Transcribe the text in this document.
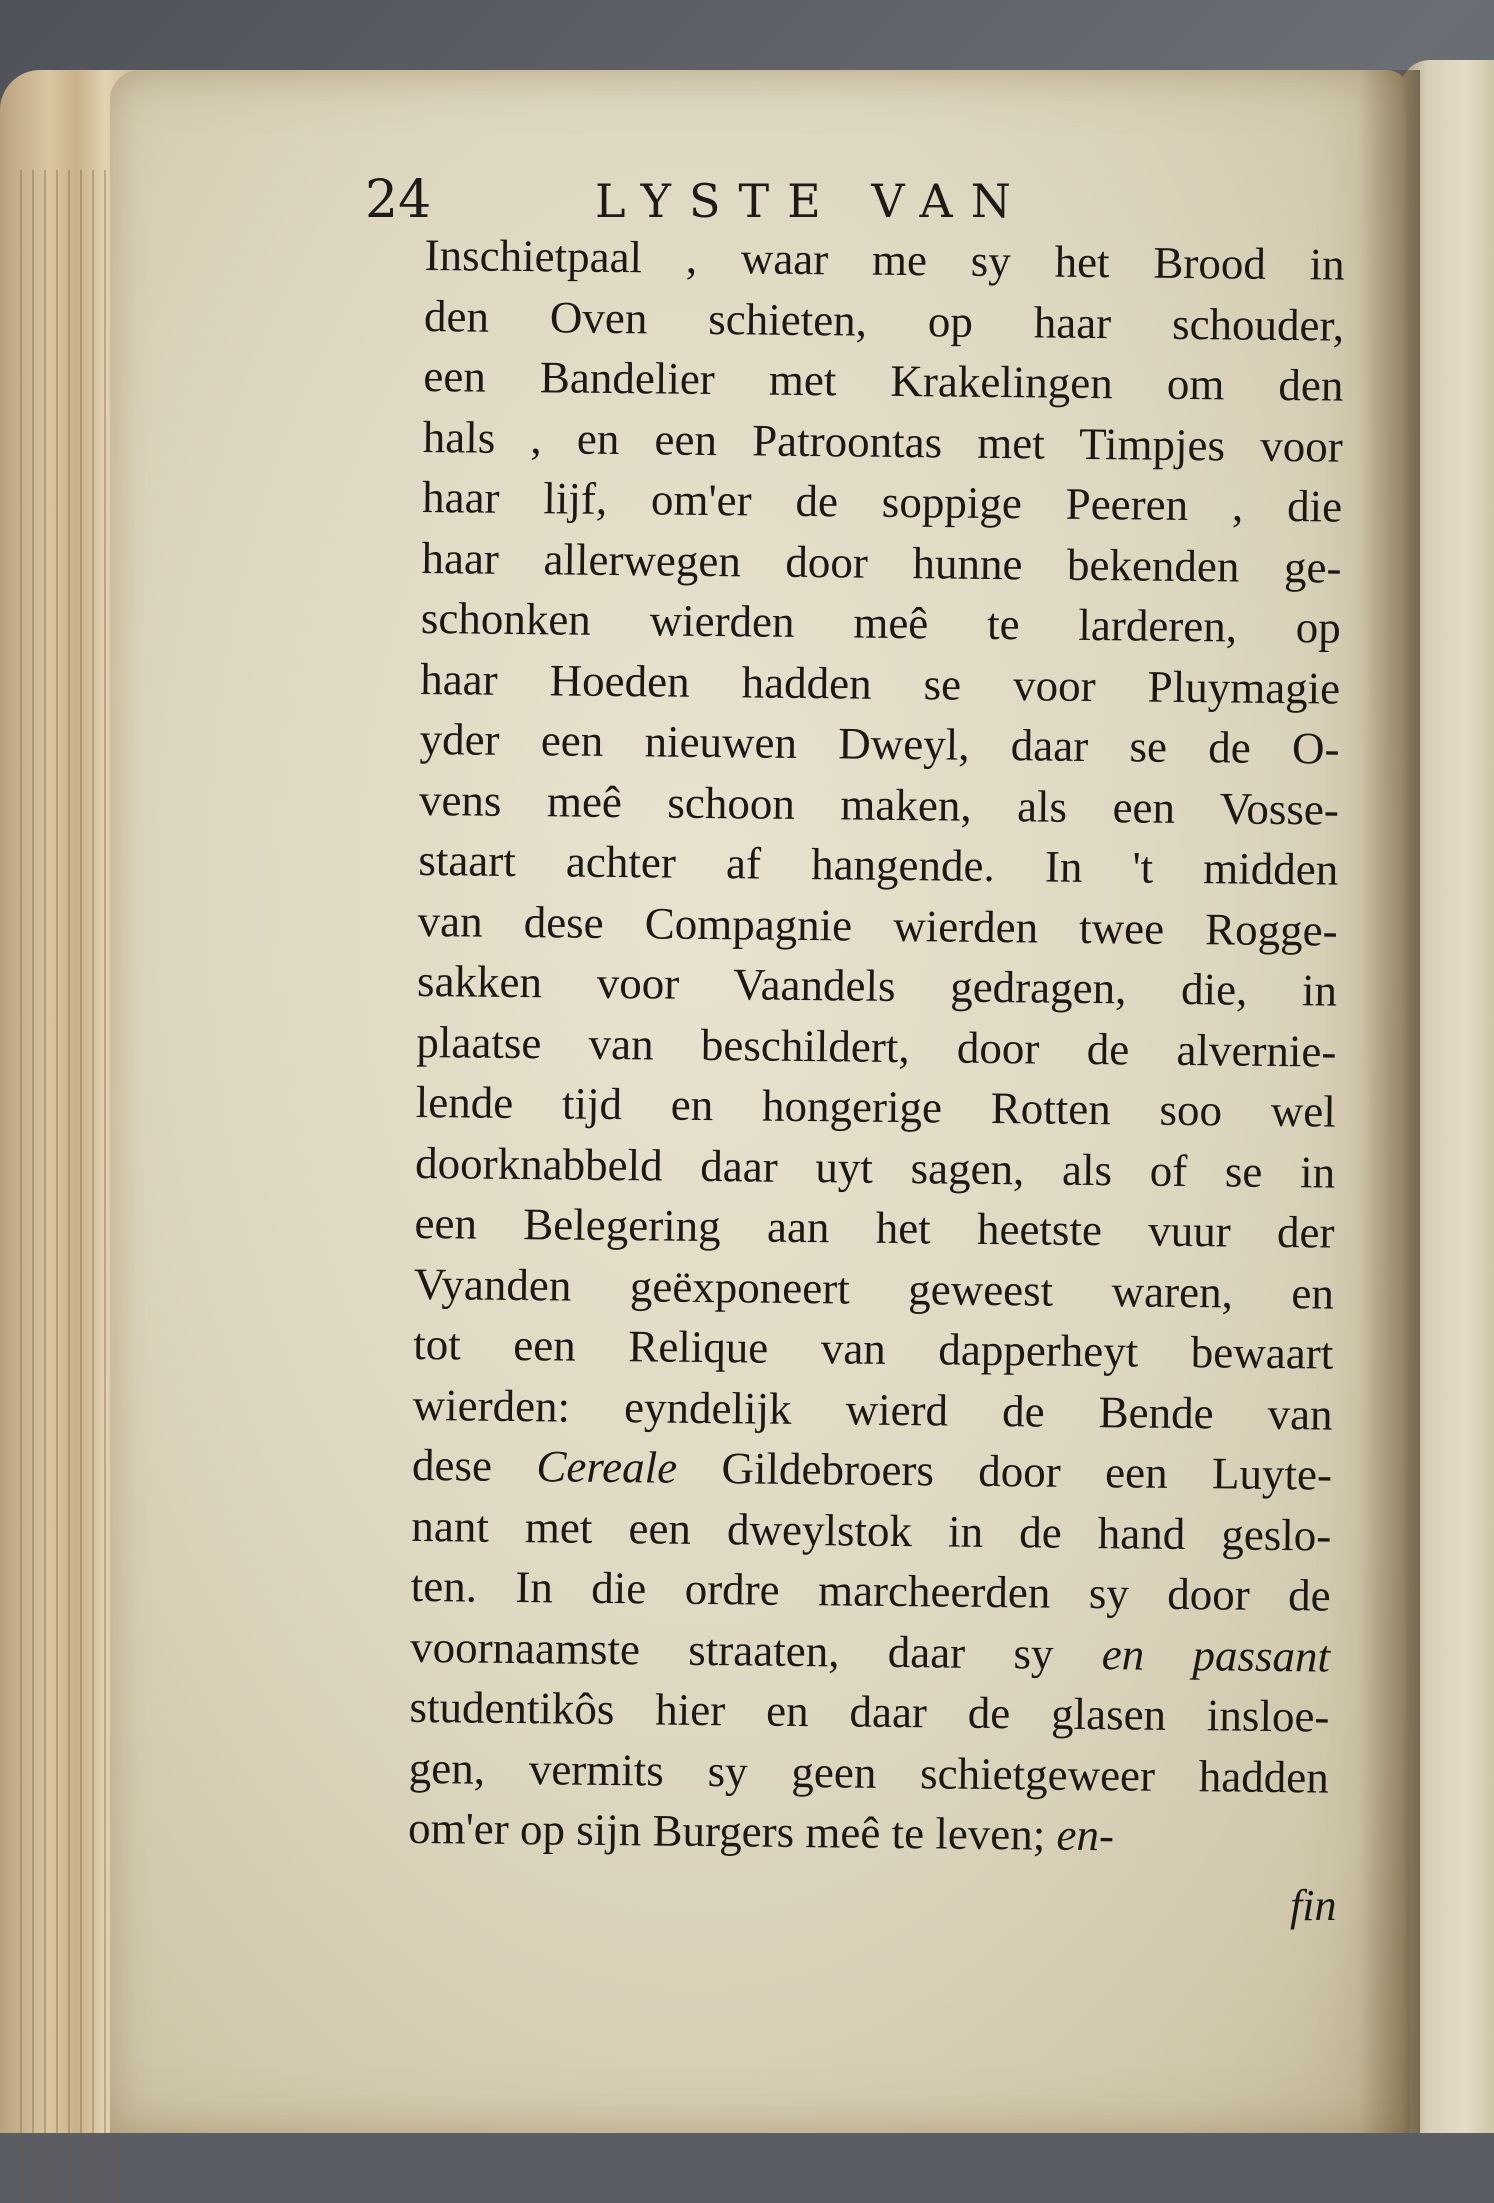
24	LYSTE VAN
Inschietpaal , waar me sy het Brood in
den Oven schieten, op haar schouder,
een Bandelier met Krakelingen om den
hals , en een Patroontas met Timpjes voor
haar lijf, om'er de soppige Peeren , die
haar allerwegen door hunne bekenden ge-
schonken wierden meê te larderen, op
haar Hoeden hadden se voor Pluymagie
yder een nieuwen Dweyl, daar se de O-
vens meê schoon maken, als een Vosse-
staart achter af hangende. In 't midden
van dese Compagnie wierden twee Rogge-
sakken voor Vaandels gedragen, die, in
plaatse van beschildert, door de alvernie-
lende tijd en hongerige Rotten soo wel
doorknabbeld daar uyt sagen, als of se in
een Belegering aan het heetste vuur der
Vyanden geëxponeert geweest waren, en
tot een Relique van dapperheyt bewaart
wierden: eyndelijk wierd de Bende van
dese Cereale Gildebroers door een Luyte-
nant met een dweylstok in de hand geslo-
ten. In die ordre marcheerden sy door de
voornaamste straaten, daar sy en passant
studentikôs hier en daar de glasen insloe-
gen, vermits sy geen schietgeweer hadden
om'er op sijn Burgers meê te leven; en-
fin
